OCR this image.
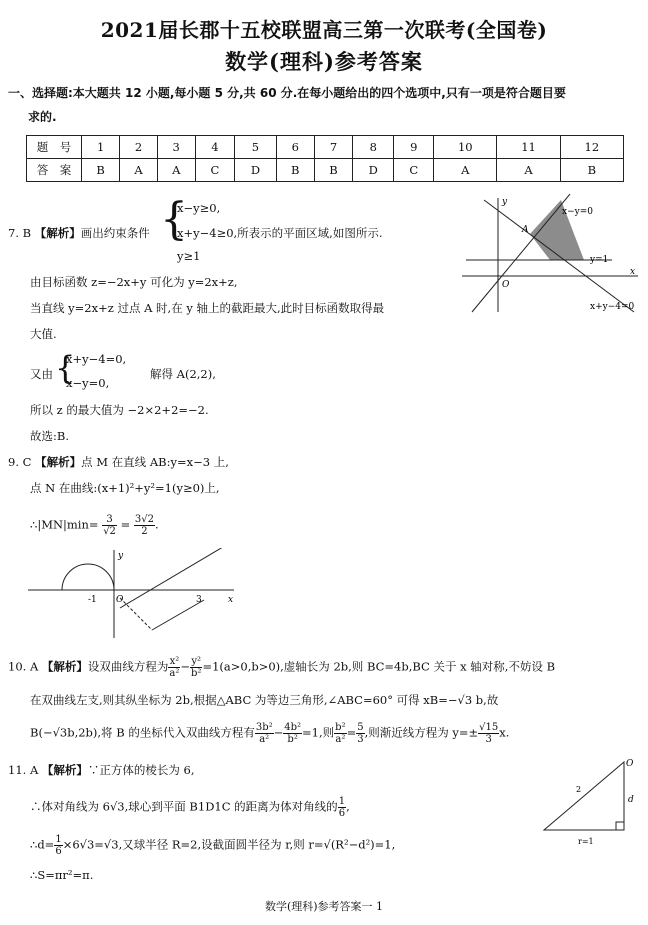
2021届长郡十五校联盟高三第一次联考(全国卷)
数学(理科)参考答案
一、选择题:本大题共 12 小题,每小题 5 分,共 60 分.在每小题给出的四个选项中,只有一项是符合题目要
求的.
题　号	1	2	3	4	5	6	7	8	9	10	11	12
答　案	B	A	A	C	D	B	B	D	C	A	A	B
7. B 【解析】画出约束条件 {
x−y≥0,
x+y−4≥0,所表示的平面区域,如图所示.
y≥1
由目标函数 z=−2x+y 可化为 y=2x+z,
当直线 y=2x+z 过点 A 时,在 y 轴上的截距最大,此时目标函数取得最
大值.
又由 {
x+y−4=0,
x−y=0,
解得 A(2,2),
所以 z 的最大值为 −2×2+2=−2.
故选:B.
x−y=0
y=1
x+y−4=0
A
O
y
x
9. C 【解析】点 M 在直线 AB:y=x−3 上,
点 N 在曲线:(x+1)²+y²=1(y≥0)上,
∴|MN|min= $\frac{3}{√2} = \frac{3√2}{2}$ .
y
-1 O	3	x
10. A 【解析】设双曲线方程为 $\frac{\text{x²}}{\text{a²}} - \frac{\text{y²}}{\text{b²}} =1(a>0,b>0)$,虚轴长为 2b,则 BC=4b,BC 关于 x 轴对称,不妨设 B
在双曲线左支,则其纵坐标为 2b,根据△ABC 为等边三角形,∠ABC=60° 可得 xB=−√3 b,故
B(−√3b,2b),将 B 的坐标代入双曲线方程有 $\frac{\text{3b²}}{\text{a²}} - \frac{\text{4b²}}{\text{b²}} =1$,则 $\frac{\text{b²}}{\text{a²}} = \frac{5}{3}$ ,则渐近线方程为 $y=\pm \frac{√15}{3} x$.
11. A 【解析】∵正方体的棱长为 6,
∴体对角线为 6√3,球心到平面 B1D1C 的距离为体对角线的 $\frac{1}{6}$ ,
∴d= $\frac{1}{6} \times 6√3=√3$,又球半径 R=2,设截面圆半径为 r,则 r=√(R²−d²)=1,
∴S=πr²=π.
O
2
d
r=1
数学(理科)参考答案一 1
